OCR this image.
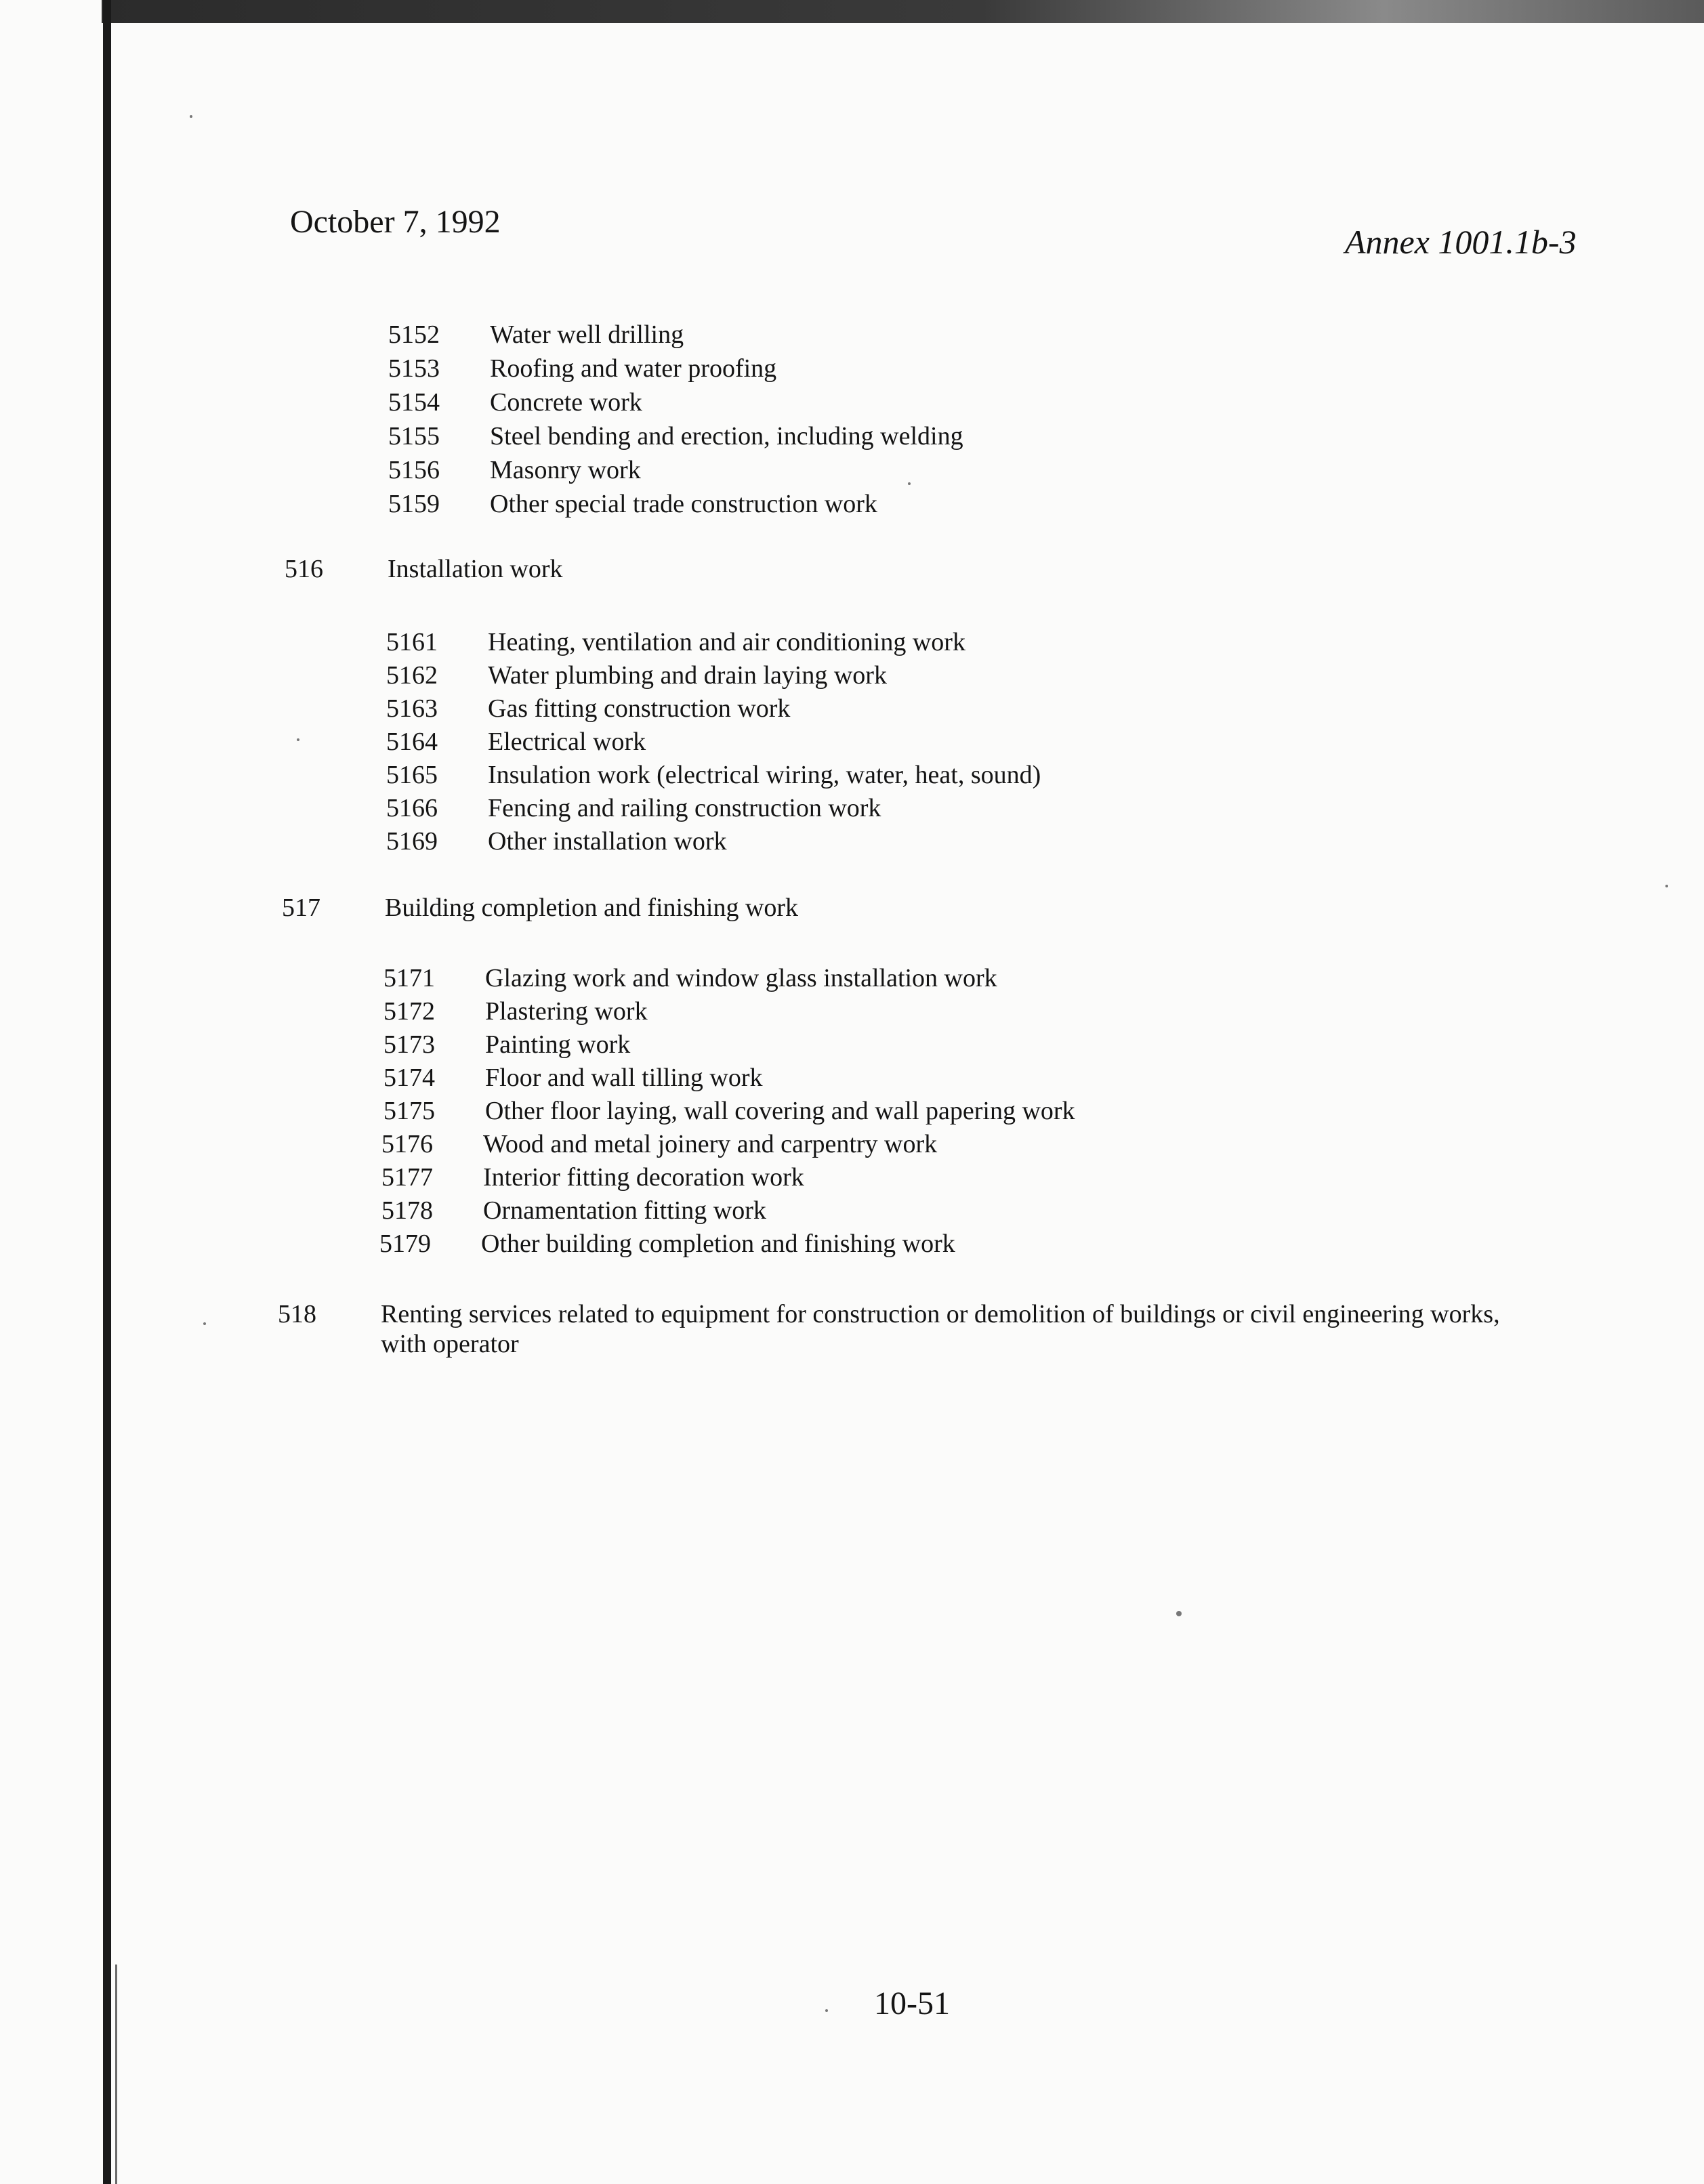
October 7, 1992
Annex 1001.1b-3
5152 Water well drilling
5153 Roofing and water proofing
5154 Concrete work
5155 Steel bending and erection, including welding
5156 Masonry work
5159 Other special trade construction work
516	Installation work
5161 Heating, ventilation and air conditioning work
5162 Water plumbing and drain laying work
5163 Gas fitting construction work
5164 Electrical work
5165 Insulation work (electrical wiring, water, heat, sound)
5166 Fencing and railing construction work
5169 Other installation work
517	Building completion and finishing work
5171 Glazing work and window glass installation work
5172 Plastering work
5173 Painting work
5174 Floor and wall tilling work
5175 Other floor laying, wall covering and wall papering work
5176 Wood and metal joinery and carpentry work
5177 Interior fitting decoration work
5178 Ornamentation fitting work
5179 Other building completion and finishing work
518	Renting services related to equipment for construction or demolition of buildings or civil engineering works, with operator
10-51
